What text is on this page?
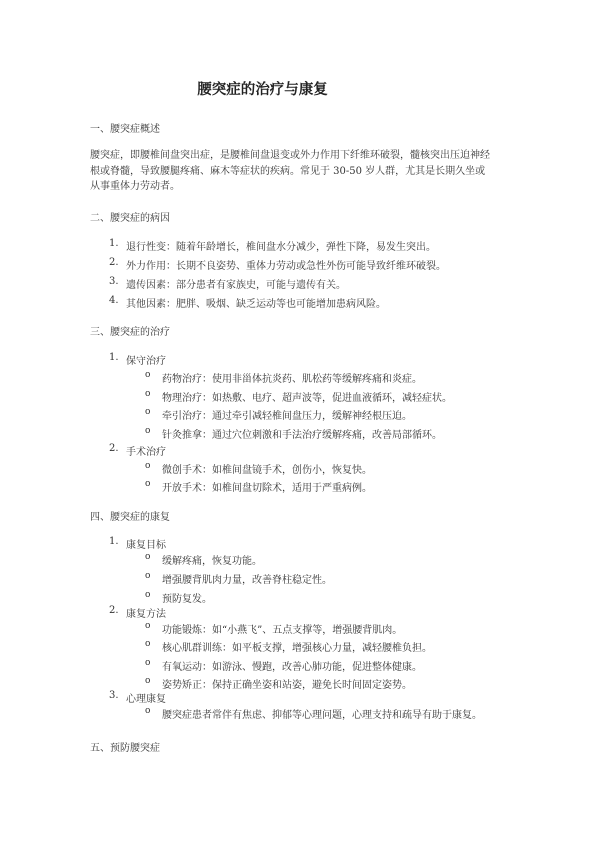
腰突症的治疗与康复

一、腰突症概述

腰突症，即腰椎间盘突出症，是腰椎间盘退变或外力作用下纤维环破裂，髓核突出压迫神经
根或脊髓，导致腰腿疼痛、麻木等症状的疾病。常见于 30-50 岁人群，尤其是长期久坐或
从事重体力劳动者。

二、腰突症的病因

1. 退行性变：随着年龄增长，椎间盘水分减少，弹性下降，易发生突出。
2. 外力作用：长期不良姿势、重体力劳动或急性外伤可能导致纤维环破裂。
3. 遗传因素：部分患者有家族史，可能与遗传有关。
4. 其他因素：肥胖、吸烟、缺乏运动等也可能增加患病风险。

三、腰突症的治疗

1. 保守治疗
o 药物治疗：使用非甾体抗炎药、肌松药等缓解疼痛和炎症。
o 物理治疗：如热敷、电疗、超声波等，促进血液循环，减轻症状。
o 牵引治疗：通过牵引减轻椎间盘压力，缓解神经根压迫。
o 针灸推拿：通过穴位刺激和手法治疗缓解疼痛，改善局部循环。
2. 手术治疗
o 微创手术：如椎间盘镜手术，创伤小，恢复快。
o 开放手术：如椎间盘切除术，适用于严重病例。

四、腰突症的康复

1. 康复目标
o 缓解疼痛，恢复功能。
o 增强腰背肌肉力量，改善脊柱稳定性。
o 预防复发。
2. 康复方法
o 功能锻炼：如“小燕飞”、五点支撑等，增强腰背肌肉。
o 核心肌群训练：如平板支撑，增强核心力量，减轻腰椎负担。
o 有氧运动：如游泳、慢跑，改善心肺功能，促进整体健康。
o 姿势矫正：保持正确坐姿和站姿，避免长时间固定姿势。
3. 心理康复
o 腰突症患者常伴有焦虑、抑郁等心理问题，心理支持和疏导有助于康复。

五、预防腰突症
